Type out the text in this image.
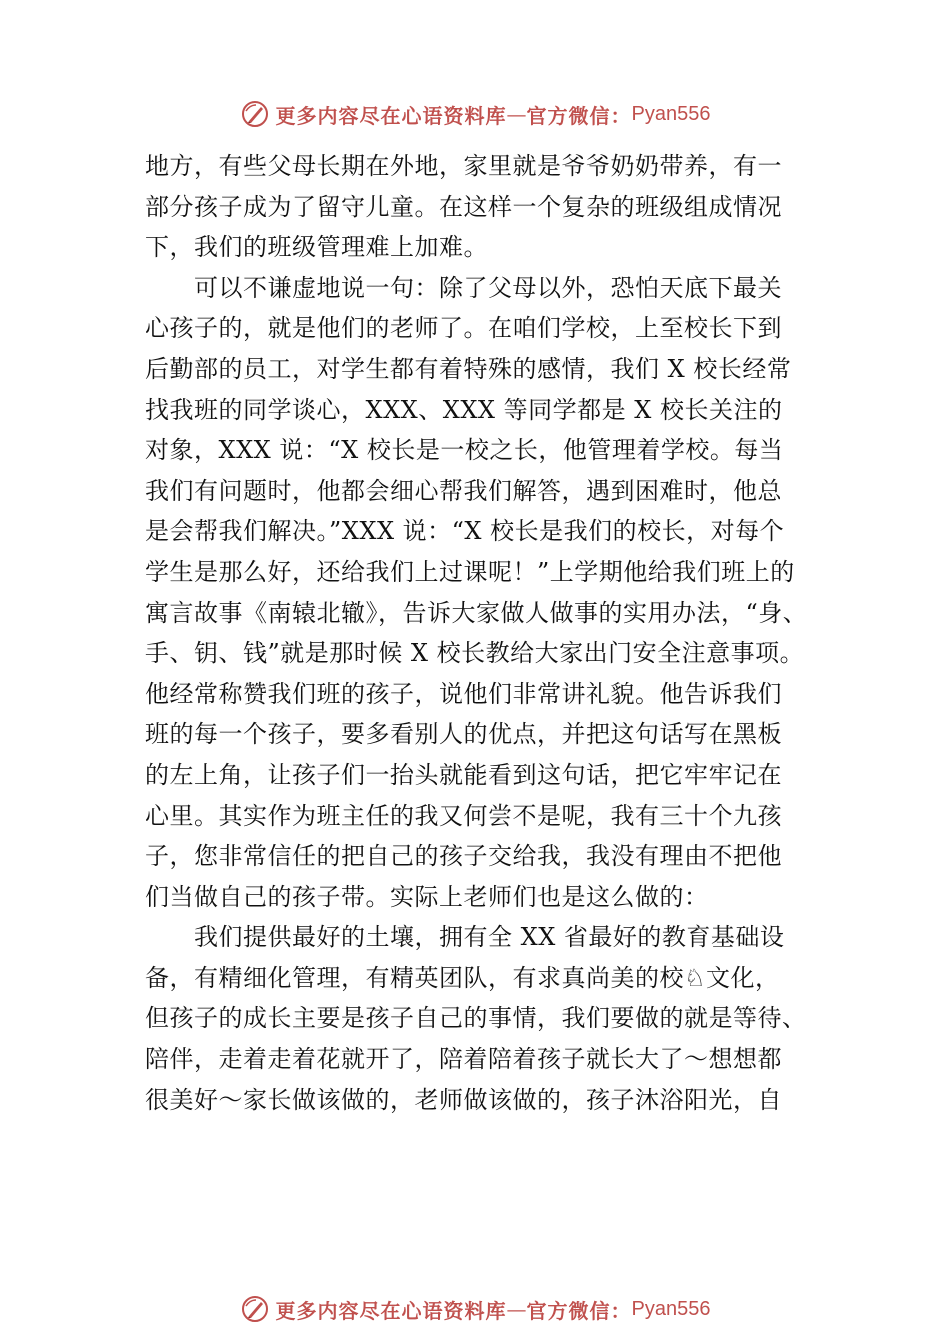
更多内容尽在心语资料库 — 官方微信： Pyan556
地方，有些父母长期在外地，家里就是爷爷奶奶带养，有一
部分孩子成为了留守儿童。在这样一个复杂的班级组成情况
下，我们的班级管理难上加难。
可以不谦虚地说一句：除了父母以外，恐怕天底下最关
心孩子的，就是他们的老师了。在咱们学校，上至校长下到
后勤部的员工，对学生都有着特殊的感情，我们 X 校长经常
找我班的同学谈心，XXX、XXX 等同学都是 X 校长关注的
对象，XXX 说：“X 校长是一校之长，他管理着学校。每当
我们有问题时，他都会细心帮我们解答，遇到困难时，他总
是会帮我们解决。”XXX 说：“X 校长是我们的校长，对每个
学生是那么好，还给我们上过课呢！”上学期他给我们班上的
寓言故事《南辕北辙》，告诉大家做人做事的实用办法，“身、
手、钥、钱”就是那时候 X 校长教给大家出门安全注意事项。
他经常称赞我们班的孩子，说他们非常讲礼貌。他告诉我们
班的每一个孩子，要多看别人的优点，并把这句话写在黑板
的左上角，让孩子们一抬头就能看到这句话，把它牢牢记在
心里。其实作为班主任的我又何尝不是呢，我有三十个九孩
子，您非常信任的把自己的孩子交给我，我没有理由不把他
们当做自己的孩子带。实际上老师们也是这么做的：
我们提供最好的土壤，拥有全 XX 省最好的教育基础设
备，有精细化管理，有精英团队，有求真尚美的校♘文化，
但孩子的成长主要是孩子自己的事情，我们要做的就是等待、
陪伴，走着走着花就开了，陪着陪着孩子就长大了～想想都
很美好～家长做该做的，老师做该做的，孩子沐浴阳光，自
更多内容尽在心语资料库 — 官方微信： Pyan556
